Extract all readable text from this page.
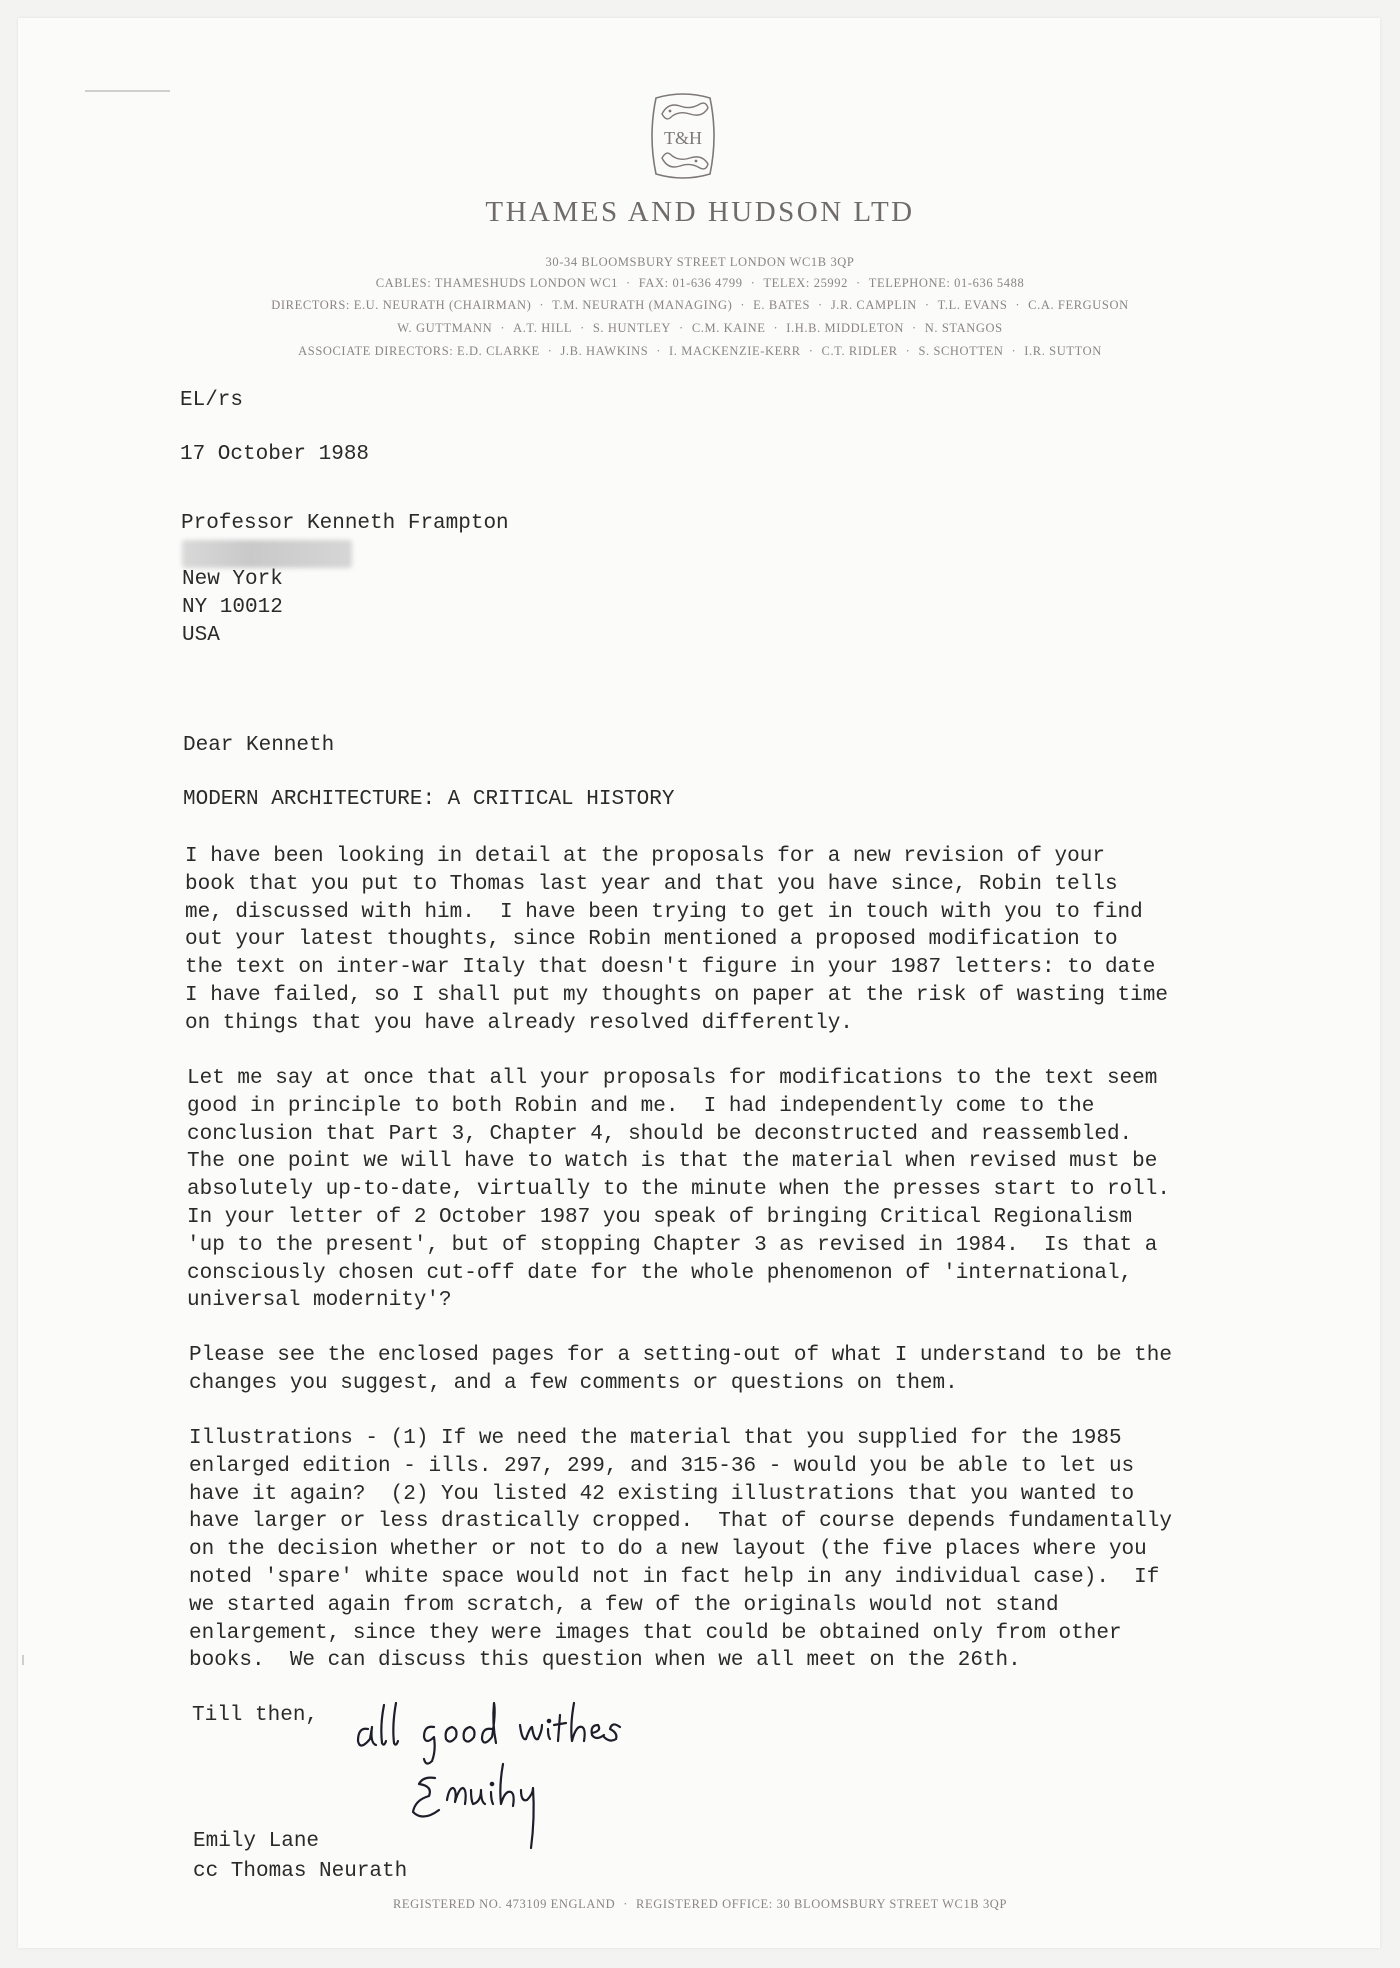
T&H
THAMES AND HUDSON LTD
30-34 BLOOMSBURY STREET LONDON WC1B 3QP
CABLES: THAMESHUDS LONDON WC1 · FAX: 01-636 4799 · TELEX: 25992 · TELEPHONE: 01-636 5488
DIRECTORS: E.U. NEURATH (CHAIRMAN) · T.M. NEURATH (MANAGING) · E. BATES · J.R. CAMPLIN · T.L. EVANS · C.A. FERGUSON
W. GUTTMANN · A.T. HILL · S. HUNTLEY · C.M. KAINE · I.H.B. MIDDLETON · N. STANGOS
ASSOCIATE DIRECTORS: E.D. CLARKE · J.B. HAWKINS · I. MACKENZIE-KERR · C.T. RIDLER · S. SCHOTTEN · I.R. SUTTON
EL/rs
17 October 1988
Professor Kenneth Frampton
New York
NY 10012
USA
Dear Kenneth
MODERN ARCHITECTURE: A CRITICAL HISTORY
I have been looking in detail at the proposals for a new revision of your
book that you put to Thomas last year and that you have since, Robin tells
me, discussed with him.  I have been trying to get in touch with you to find
out your latest thoughts, since Robin mentioned a proposed modification to
the text on inter-war Italy that doesn't figure in your 1987 letters: to date
I have failed, so I shall put my thoughts on paper at the risk of wasting time
on things that you have already resolved differently.
Let me say at once that all your proposals for modifications to the text seem
good in principle to both Robin and me.  I had independently come to the
conclusion that Part 3, Chapter 4, should be deconstructed and reassembled.
The one point we will have to watch is that the material when revised must be
absolutely up-to-date, virtually to the minute when the presses start to roll.
In your letter of 2 October 1987 you speak of bringing Critical Regionalism
'up to the present', but of stopping Chapter 3 as revised in 1984.  Is that a
consciously chosen cut-off date for the whole phenomenon of 'international,
universal modernity'?
Please see the enclosed pages for a setting-out of what I understand to be the
changes you suggest, and a few comments or questions on them.
Illustrations - (1) If we need the material that you supplied for the 1985
enlarged edition - ills. 297, 299, and 315-36 - would you be able to let us
have it again?  (2) You listed 42 existing illustrations that you wanted to
have larger or less drastically cropped.  That of course depends fundamentally
on the decision whether or not to do a new layout (the five places where you
noted 'spare' white space would not in fact help in any individual case).  If
we started again from scratch, a few of the originals would not stand
enlargement, since they were images that could be obtained only from other
books.  We can discuss this question when we all meet on the 26th.
Till then,
Emily Lane
cc Thomas Neurath
REGISTERED NO. 473109 ENGLAND · REGISTERED OFFICE: 30 BLOOMSBURY STREET WC1B 3QP
